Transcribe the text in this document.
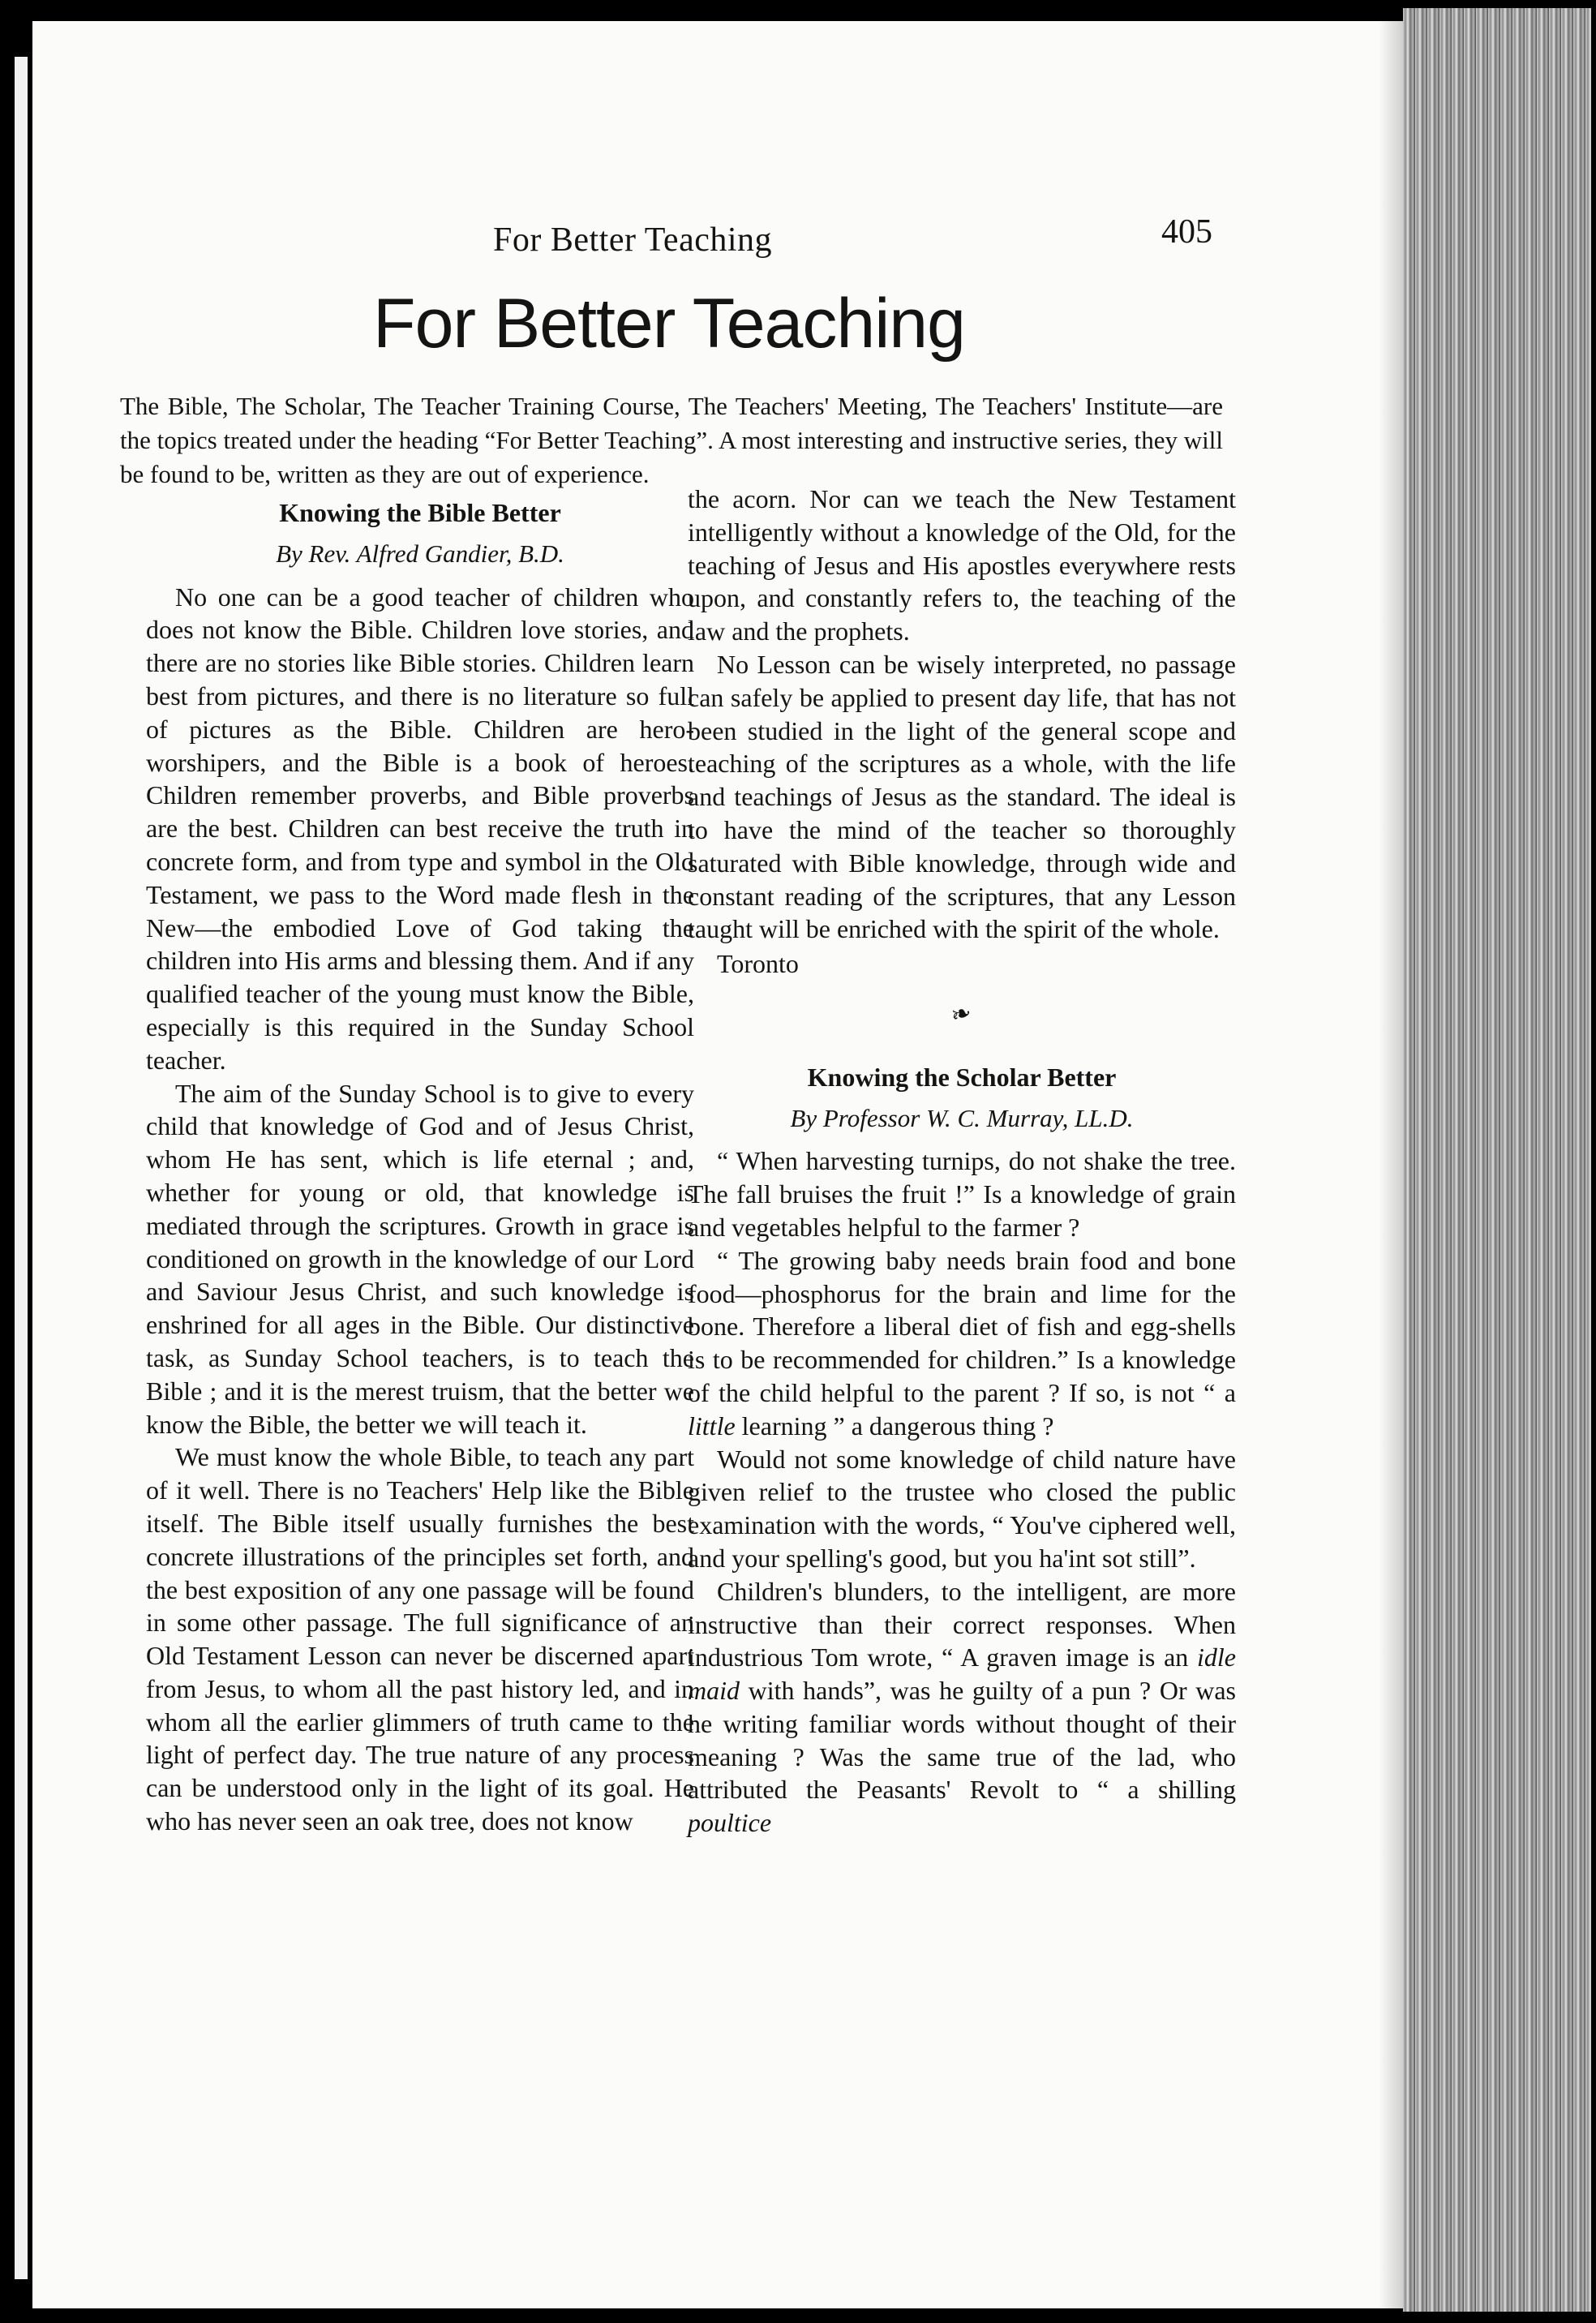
For Better Teaching	405
For Better Teaching
The Bible, The Scholar, The Teacher Training Course, The Teachers' Meeting, The Teachers' Institute—are the topics treated under the heading “For Better Teaching”. A most interesting and instructive series, they will be found to be, written as they are out of experience.
Knowing the Bible Better
By Rev. Alfred Gandier, B.D.

No one can be a good teacher of children who does not know the Bible. Children love stories, and there are no stories like Bible stories. Children learn best from pictures, and there is no literature so full of pictures as the Bible. Children are hero-worshipers, and the Bible is a book of heroes. Children remember proverbs, and Bible proverbs are the best. Children can best receive the truth in concrete form, and from type and symbol in the Old Testament, we pass to the Word made flesh in the New—the embodied Love of God taking the children into His arms and blessing them. And if any qualified teacher of the young must know the Bible, especially is this required in the Sunday School teacher.

The aim of the Sunday School is to give to every child that knowledge of God and of Jesus Christ, whom He has sent, which is life eternal ; and, whether for young or old, that knowledge is mediated through the scriptures. Growth in grace is conditioned on growth in the knowledge of our Lord and Saviour Jesus Christ, and such knowledge is enshrined for all ages in the Bible. Our distinctive task, as Sunday School teachers, is to teach the Bible ; and it is the merest truism, that the better we know the Bible, the better we will teach it.

We must know the whole Bible, to teach any part of it well. There is no Teachers' Help like the Bible itself. The Bible itself usually furnishes the best concrete illustrations of the principles set forth, and the best exposition of any one passage will be found in some other passage. The full significance of an Old Testament Lesson can never be discerned apart from Jesus, to whom all the past history led, and in whom all the earlier glimmers of truth came to the light of perfect day. The true nature of any process can be understood only in the light of its goal. He who has never seen an oak tree, does not know

the acorn. Nor can we teach the New Testament intelligently without a knowledge of the Old, for the teaching of Jesus and His apostles everywhere rests upon, and constantly refers to, the teaching of the law and the prophets.

No Lesson can be wisely interpreted, no passage can safely be applied to present day life, that has not been studied in the light of the general scope and teaching of the scriptures as a whole, with the life and teachings of Jesus as the standard. The ideal is to have the mind of the teacher so thoroughly saturated with Bible knowledge, through wide and constant reading of the scriptures, that any Lesson taught will be enriched with the spirit of the whole.

Toronto
❧
Knowing the Scholar Better
By Professor W. C. Murray, LL.D.

“ When harvesting turnips, do not shake the tree. The fall bruises the fruit !” Is a knowledge of grain and vegetables helpful to the farmer ?

“ The growing baby needs brain food and bone food—phosphorus for the brain and lime for the bone. Therefore a liberal diet of fish and egg-shells is to be recommended for children.” Is a knowledge of the child helpful to the parent ? If so, is not “ a little learning ” a dangerous thing ?

Would not some knowledge of child nature have given relief to the trustee who closed the public examination with the words, “ You've ciphered well, and your spelling's good, but you ha'int sot still”.

Children's blunders, to the intelligent, are more instructive than their correct responses. When industrious Tom wrote, “ A graven image is an idle maid with hands”, was he guilty of a pun ? Or was he writing familiar words without thought of their meaning ? Was the same true of the lad, who attributed the Peasants' Revolt to “ a shilling poultice
